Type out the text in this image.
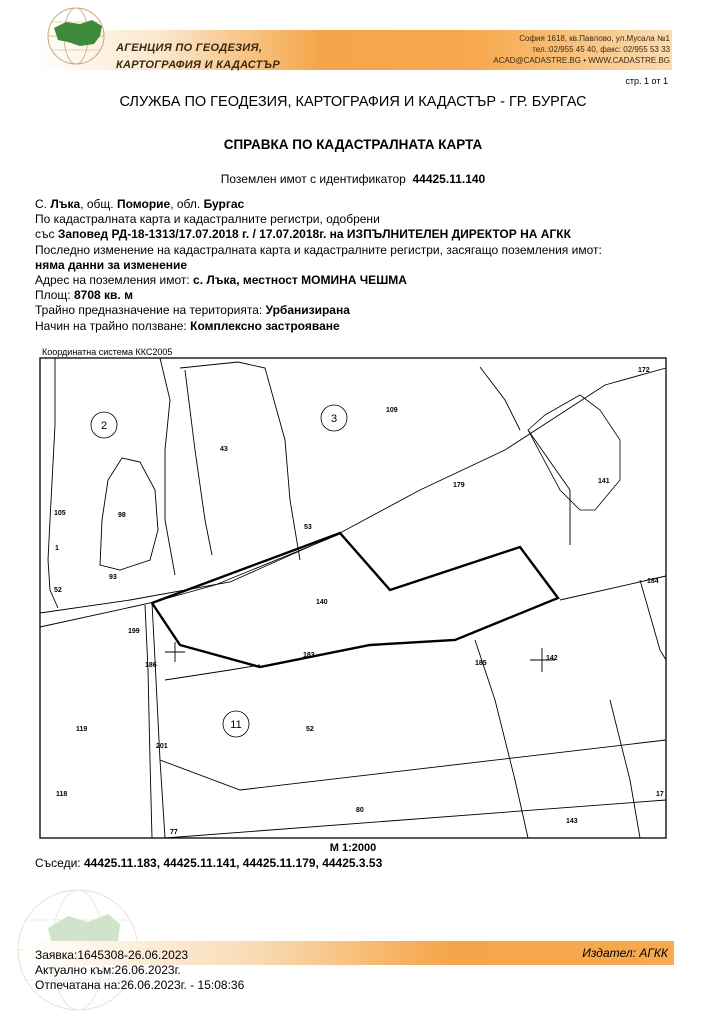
АГЕНЦИЯ ПО ГЕОДЕЗИЯ,
КАРТОГРАФИЯ И КАДАСТЪР
София 1618, кв.Павлово, ул.Мусала №1
тел.:02/955 45 40, факс: 02/955 53 33
ACAD@CADASTRE.BG • WWW.CADASTRE.BG
стр. 1 от 1
СЛУЖБА ПО ГЕОДЕЗИЯ, КАРТОГРАФИЯ И КАДАСТЪР - ГР. БУРГАС
СПРАВКА ПО КАДАСТРАЛНАТА КАРТА
Поземлен имот с идентификатор 44425.11.140
С. Лъка, общ. Поморие, обл. Бургас
По кадастралната карта и кадастралните регистри, одобрени
със Заповед РД-18-1313/17.07.2018 г. / 17.07.2018г. на ИЗПЪЛНИТЕЛЕН ДИРЕКТОР НА АГКК
Последно изменение на кадастралната карта и кадастралните регистри, засягащо поземления имот:
няма данни за изменение
Адрес на поземления имот: с. Лъка, местност МОМИНА ЧЕШМА
Площ: 8708 кв. м
Трайно предназначение на територията: Урбанизирана
Начин на трайно ползване: Комплексно застрояване
Координатна система ККС2005
172
109
43
179
141
105	98
1
53
93
52
184
140
199
183
186	185
142
119	52
201
118
80
17
143
77
2
3
11
М 1:2000
Съседи: 44425.11.183, 44425.11.141, 44425.11.179, 44425.3.53
Заявка:1645308-26.06.2023
Актуално към:26.06.2023г.
Отпечатана на:26.06.2023г. - 15:08:36
Издател: АГКК
